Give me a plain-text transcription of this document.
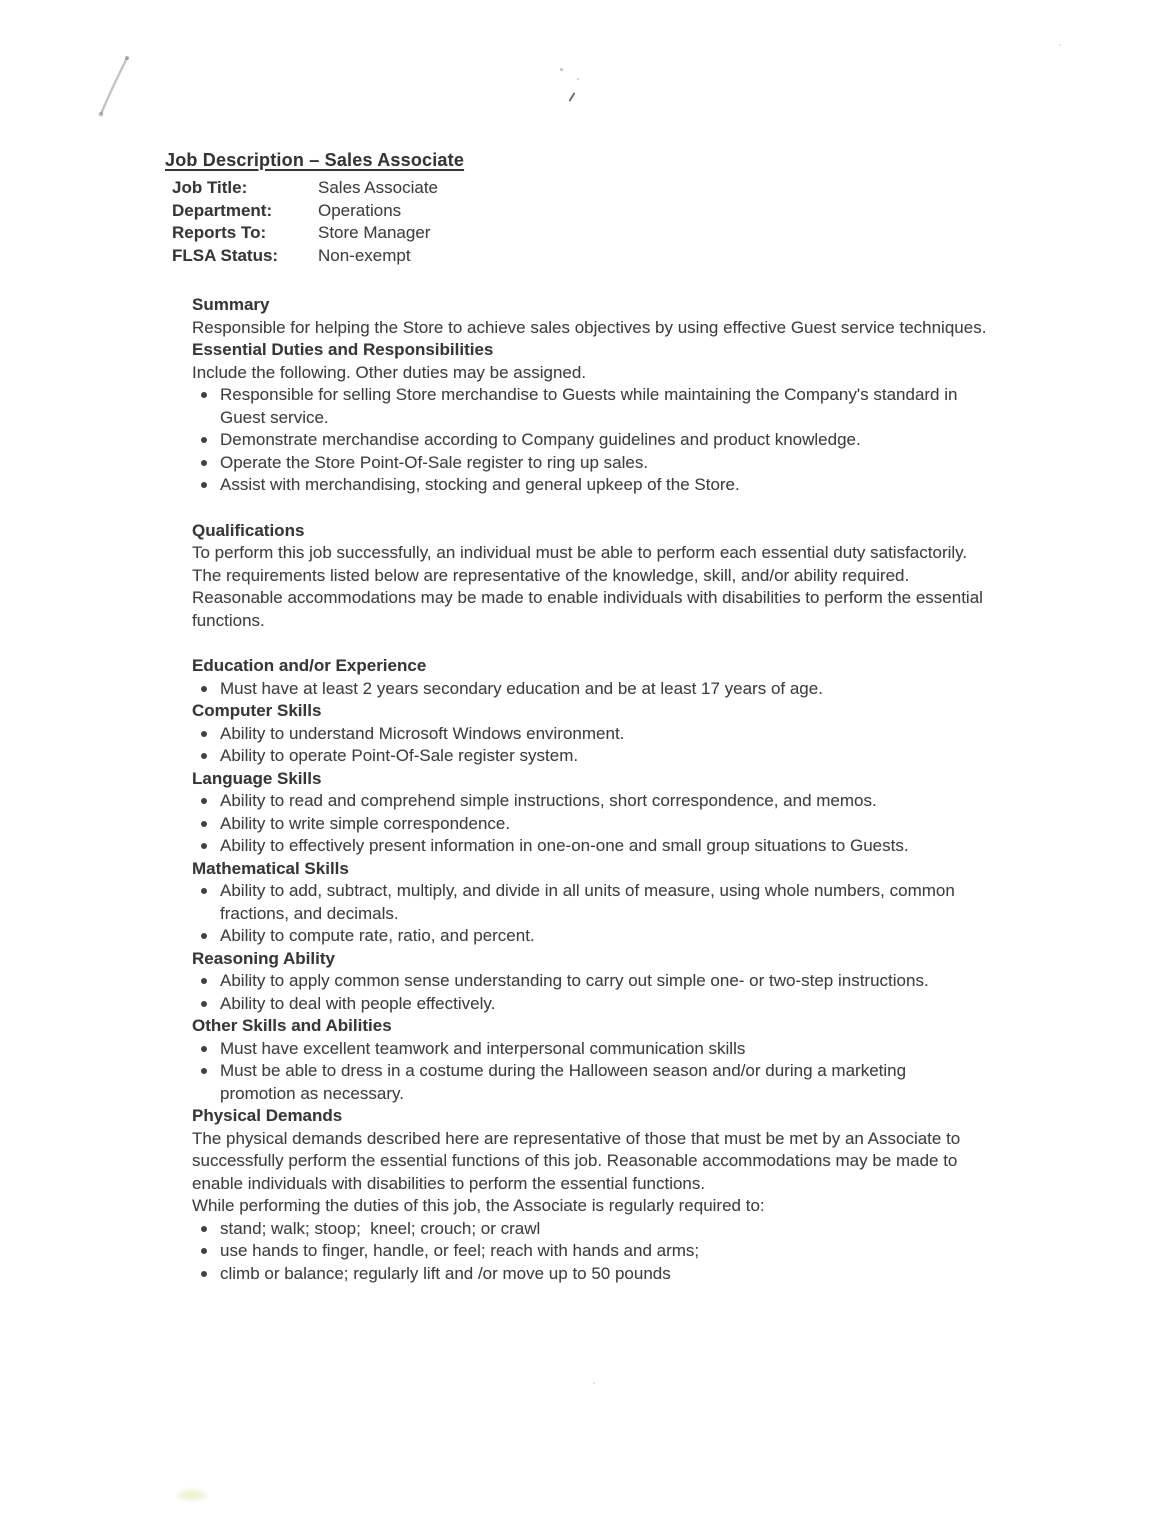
Job Description – Sales Associate
Job Title:	Sales Associate
Department:	Operations
Reports To:	Store Manager
FLSA Status: Non-exempt
Summary

Responsible for helping the Store to achieve sales objectives by using effective Guest service techniques.

Essential Duties and Responsibilities

Include the following. Other duties may be assigned.

Responsible for selling Store merchandise to Guests while maintaining the Company's standard in Guest service.
Demonstrate merchandise according to Company guidelines and product knowledge.
Operate the Store Point-Of-Sale register to ring up sales.
Assist with merchandising, stocking and general upkeep of the Store.
Qualifications

To perform this job successfully, an individual must be able to perform each essential duty satisfactorily. The requirements listed below are representative of the knowledge, skill, and/or ability required. Reasonable accommodations may be made to enable individuals with disabilities to perform the essential functions.

Education and/or Experience
Must have at least 2 years secondary education and be at least 17 years of age.
Computer Skills
Ability to understand Microsoft Windows environment.
Ability to operate Point-Of-Sale register system.
Language Skills
Ability to read and comprehend simple instructions, short correspondence, and memos.
Ability to write simple correspondence.
Ability to effectively present information in one-on-one and small group situations to Guests.
Mathematical Skills
Ability to add, subtract, multiply, and divide in all units of measure, using whole numbers, common fractions, and decimals.
Ability to compute rate, ratio, and percent.
Reasoning Ability
Ability to apply common sense understanding to carry out simple one- or two-step instructions.
Ability to deal with people effectively.
Other Skills and Abilities
Must have excellent teamwork and interpersonal communication skills
Must be able to dress in a costume during the Halloween season and/or during a marketing promotion as necessary.
Physical Demands

The physical demands described here are representative of those that must be met by an Associate to successfully perform the essential functions of this job. Reasonable accommodations may be made to enable individuals with disabilities to perform the essential functions.

While performing the duties of this job, the Associate is regularly required to:

stand; walk; stoop;  kneel; crouch; or crawl
use hands to finger, handle, or feel; reach with hands and arms;
climb or balance; regularly lift and /or move up to 50 pounds
